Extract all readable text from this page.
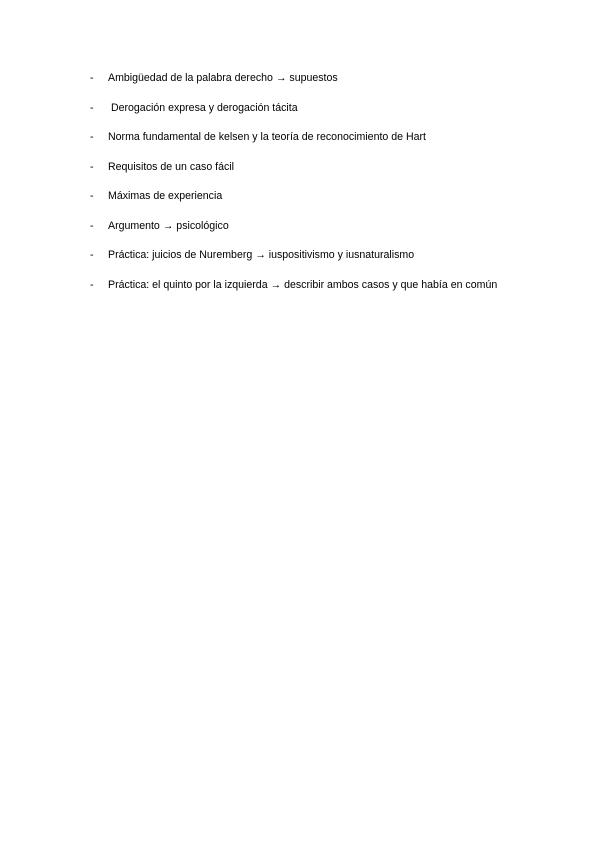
-	Ambigüedad de la palabra derecho → supuestos
-	Derogación expresa y derogación tácita
-	Norma fundamental de kelsen y la teoría de reconocimiento de Hart
-	Requisitos de un caso fácil
-	Máximas de experiencia
-	Argumento → psicológico
-	Práctica: juicios de Nuremberg → iuspositivismo y iusnaturalismo
-	Práctica: el quinto por la izquierda → describir ambos casos y que había en común
